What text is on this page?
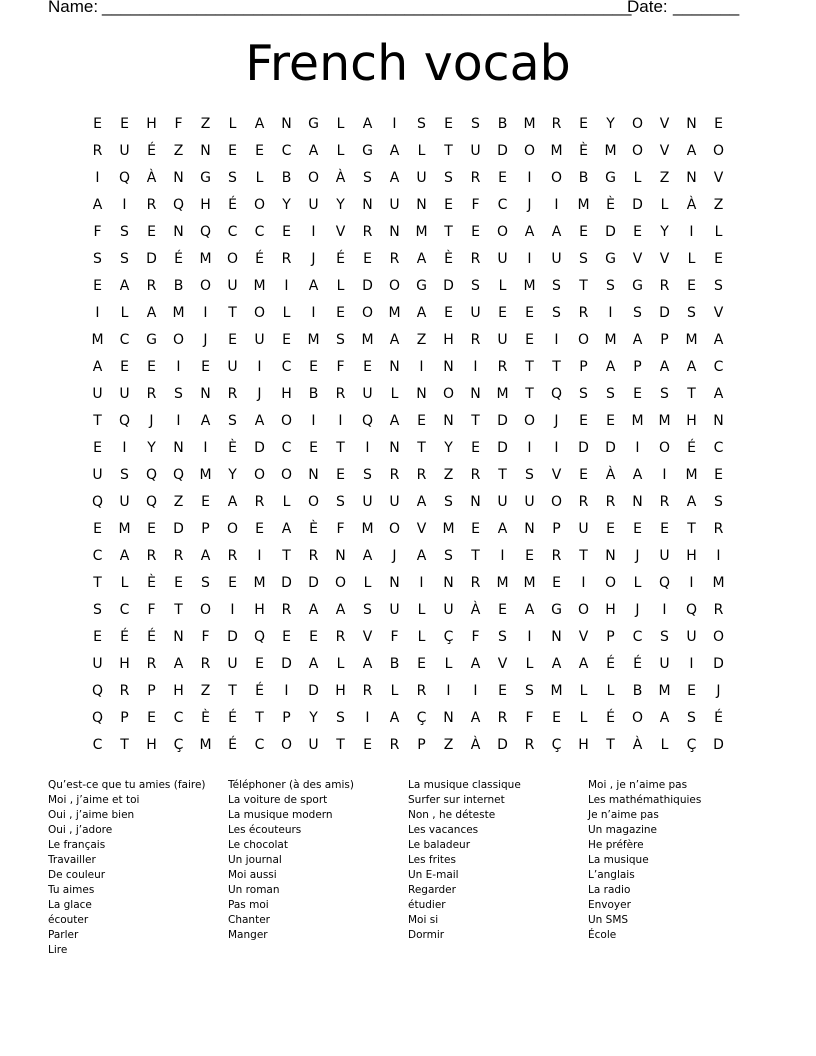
Name: ________________________________________________________
Date: _______
French vocab
E	E	H	F	Z	L	A	N	G	L	A	I	S	E	S	B	M	R	E	Y	O	V	N	E
R	U	É	Z	N	E	E	C	A	L	G	A	L	T	U	D	O	M	È	M	O	V	A	O
I	Q	À	N	G	S	L	B	O	À	S	A	U	S	R	E	I	O	B	G	L	Z	N	V
A	I	R	Q	H	É	O	Y	U	Y	N	U	N	E	F	C	J	I	M	È	D	L	À	Z
F	S	E	N	Q	C	C	E	I	V	R	N	M	T	E	O	A	A	E	D	E	Y	I	L
S	S	D	É	M	O	É	R	J	É	E	R	A	È	R	U	I	U	S	G	V	V	L	E
E	A	R	B	O	U	M	I	A	L	D	O	G	D	S	L	M	S	T	S	G	R	E	S
I	L	A	M	I	T	O	L	I	E	O	M	A	E	U	E	E	S	R	I	S	D	S	V
M	C	G	O	J	E	U	E	M	S	M	A	Z	H	R	U	E	I	O	M	A	P	M	A
A	E	E	I	E	U	I	C	E	F	E	N	I	N	I	R	T	T	P	A	P	A	A	C
U	U	R	S	N	R	J	H	B	R	U	L	N	O	N	M	T	Q	S	S	E	S	T	A
T	Q	J	I	A	S	A	O	I	I	Q	A	E	N	T	D	O	J	E	E	M	M	H	N
E	I	Y	N	I	È	D	C	E	T	I	N	T	Y	E	D	I	I	D	D	I	O	É	C
U	S	Q	Q	M	Y	O	O	N	E	S	R	R	Z	R	T	S	V	E	À	A	I	M	E
Q	U	Q	Z	E	A	R	L	O	S	U	U	A	S	N	U	U	O	R	R	N	R	A	S
E	M	E	D	P	O	E	A	È	F	M	O	V	M	E	A	N	P	U	E	E	E	T	R
C	A	R	R	A	R	I	T	R	N	A	J	A	S	T	I	E	R	T	N	J	U	H	I
T	L	È	E	S	E	M	D	D	O	L	N	I	N	R	M	M	E	I	O	L	Q	I	M
S	C	F	T	O	I	H	R	A	A	S	U	L	U	À	E	A	G	O	H	J	I	Q	R
E	É	É	N	F	D	Q	E	E	R	V	F	L	Ç	F	S	I	N	V	P	C	S	U	O
U	H	R	A	R	U	E	D	A	L	A	B	E	L	A	V	L	A	A	É	É	U	I	D
Q	R	P	H	Z	T	É	I	D	H	R	L	R	I	I	E	S	M	L	L	B	M	E	J
Q	P	E	C	È	É	T	P	Y	S	I	A	Ç	N	A	R	F	E	L	É	O	A	S	É
C	T	H	Ç	M	É	C	O	U	T	E	R	P	Z	À	D	R	Ç	H	T	À	L	Ç	D
Qu’est-ce que tu amies (faire)
Moi , j’aime et toi
Oui , j’aime bien
Oui , j’adore
Le français
Travailler
De couleur
Tu aimes
La glace
écouter
Parler
Lire
Téléphoner (à des amis)
La voiture de sport
La musique modern
Les écouteurs
Le chocolat
Un journal
Moi aussi
Un roman
Pas moi
Chanter
Manger
La musique classique
Surfer sur internet
Non , he déteste
Les vacances
Le baladeur
Les frites
Un E-mail
Regarder
étudier
Moi si
Dormir
Moi , je n’aime pas
Les mathémathiquies
Je n’aime pas
Un magazine
He préfère
La musique
L’anglais
La radio
Envoyer
Un SMS
École
